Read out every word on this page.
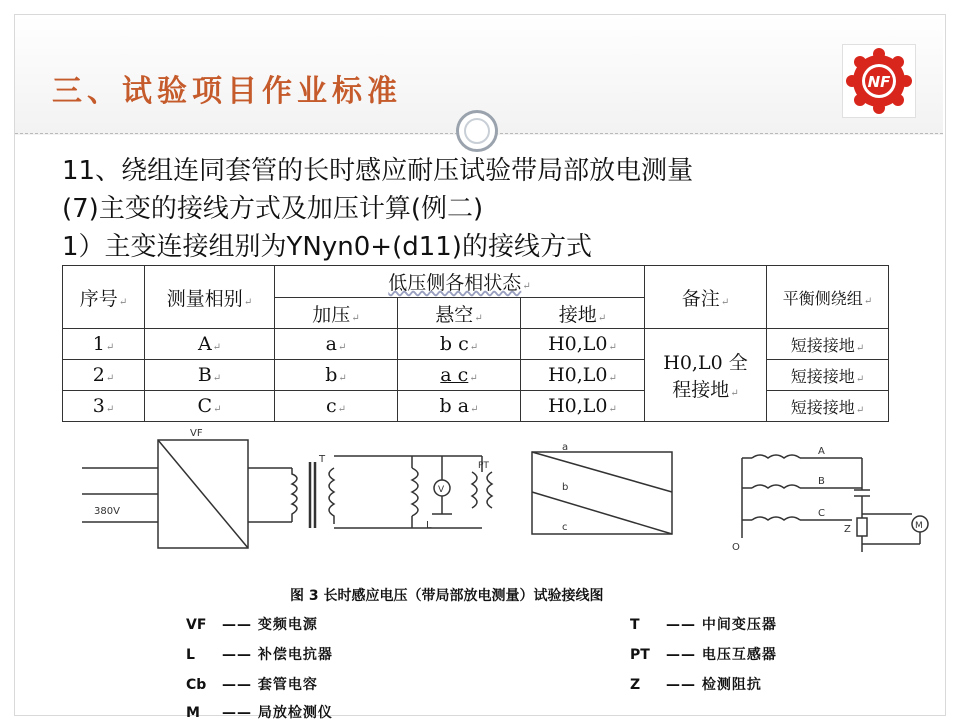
三、试验项目作业标准	NF
11、绕组连同套管的长时感应耐压试验带局部放电测量
(7)主变的接线方式及加压计算(例二)
1）主变连接组别为YNyn0+(d11)的接线方式
序号↵	测量相别↵	低压侧各相状态↵			备注↵	平衡侧绕组↵
		加压↵	悬空↵	接地↵		
1↵	A↵	a↵	b c↵	H0,L0↵	H0,L0 全
程接地↵	短接接地↵
2↵	B↵	b↵	a c↵	H0,L0↵		短接接地↵
3↵	C↵	c↵	b a↵	H0,L0↵		短接接地↵
380V
VF
T
L
V
PT
a
b
c
A
B
C
O
Z	M
图 3 长时感应电压（带局部放电测量）试验接线图
VF —— 变频电源	T —— 中间变压器
L —— 补偿电抗器	PT —— 电压互感器
Cb —— 套管电容	Z —— 检测阻抗
M —— 局放检测仪
